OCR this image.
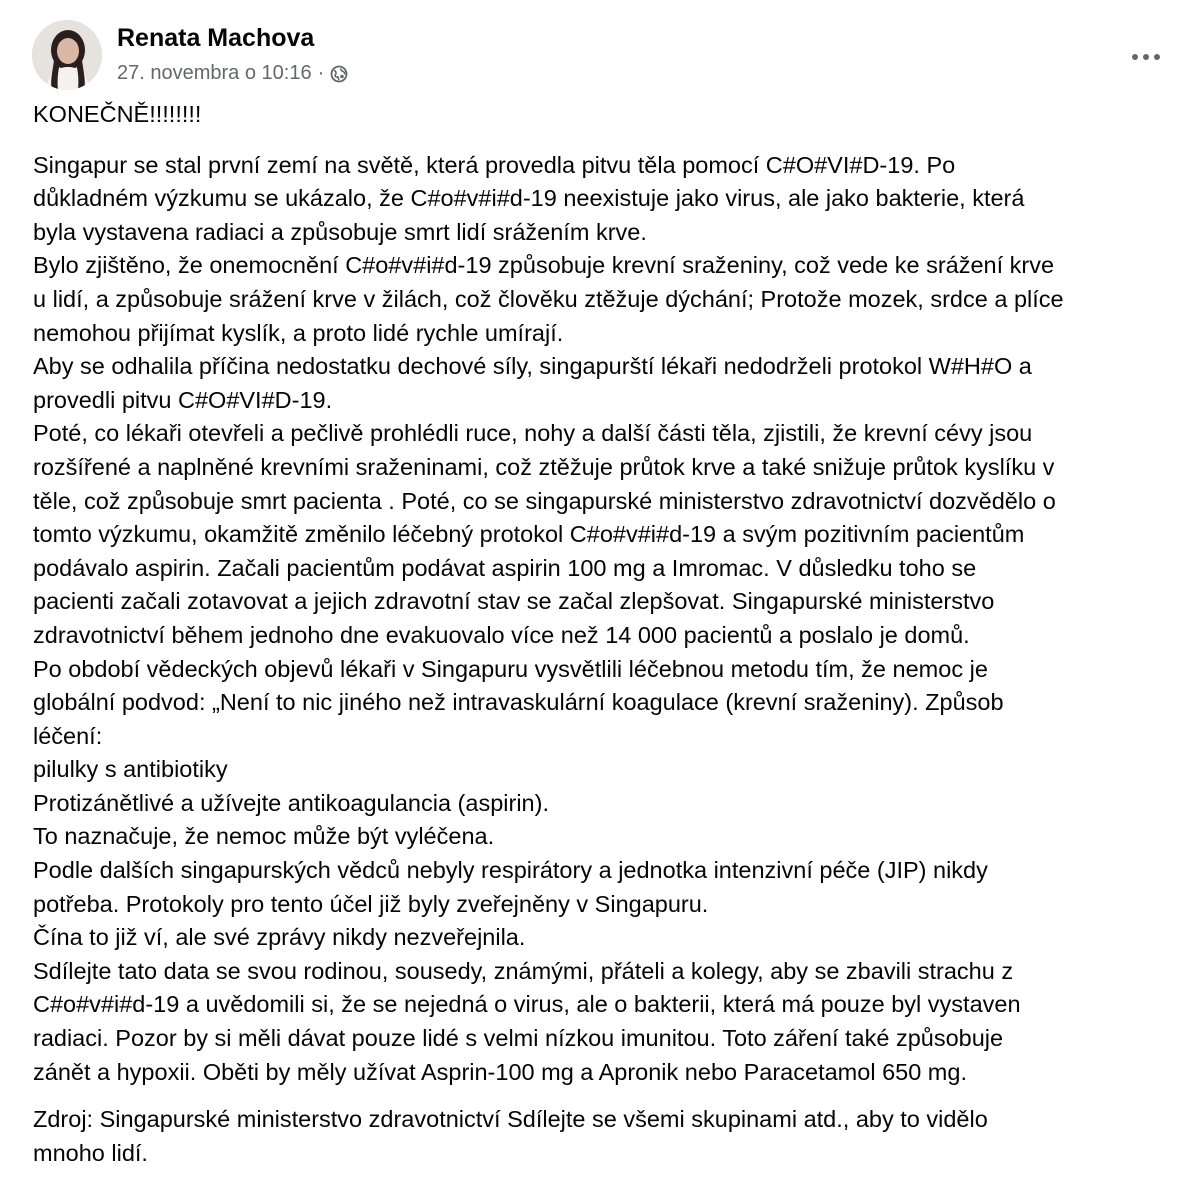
Renata Machova
27. novembra o 10:16 ·

KONEČNĚ!!!!!!!!

Singapur se stal první zemí na světě, která provedla pitvu těla pomocí C#O#VI#D-19. Po
důkladném výzkumu se ukázalo, že C#o#v#i#d-19 neexistuje jako virus, ale jako bakterie, která
byla vystavena radiaci a způsobuje smrt lidí srážením krve.
Bylo zjištěno, že onemocnění C#o#v#i#d-19 způsobuje krevní sraženiny, což vede ke srážení krve
u lidí, a způsobuje srážení krve v žilách, což člověku ztěžuje dýchání; Protože mozek, srdce a plíce
nemohou přijímat kyslík, a proto lidé rychle umírají.
Aby se odhalila příčina nedostatku dechové síly, singapurští lékaři nedodrželi protokol W#H#O a
provedli pitvu C#O#VI#D-19.
Poté, co lékaři otevřeli a pečlivě prohlédli ruce, nohy a další části těla, zjistili, že krevní cévy jsou
rozšířené a naplněné krevními sraženinami, což ztěžuje průtok krve a také snižuje průtok kyslíku v
těle, což způsobuje smrt pacienta . Poté, co se singapurské ministerstvo zdravotnictví dozvědělo o
tomto výzkumu, okamžitě změnilo léčebný protokol C#o#v#i#d-19 a svým pozitivním pacientům
podávalo aspirin. Začali pacientům podávat aspirin 100 mg a Imromac. V důsledku toho se
pacienti začali zotavovat a jejich zdravotní stav se začal zlepšovat. Singapurské ministerstvo
zdravotnictví během jednoho dne evakuovalo více než 14 000 pacientů a poslalo je domů.
Po období vědeckých objevů lékaři v Singapuru vysvětlili léčebnou metodu tím, že nemoc je
globální podvod: „Není to nic jiného než intravaskulární koagulace (krevní sraženiny). Způsob
léčení:
pilulky s antibiotiky
Protizánětlivé a užívejte antikoagulancia (aspirin).
To naznačuje, že nemoc může být vyléčena.
Podle dalších singapurských vědců nebyly respirátory a jednotka intenzivní péče (JIP) nikdy
potřeba. Protokoly pro tento účel již byly zveřejněny v Singapuru.
Čína to již ví, ale své zprávy nikdy nezveřejnila.
Sdílejte tato data se svou rodinou, sousedy, známými, přáteli a kolegy, aby se zbavili strachu z
C#o#v#i#d-19 a uvědomili si, že se nejedná o virus, ale o bakterii, která má pouze byl vystaven
radiaci. Pozor by si měli dávat pouze lidé s velmi nízkou imunitou. Toto záření také způsobuje
zánět a hypoxii. Oběti by měly užívat Asprin-100 mg a Apronik nebo Paracetamol 650 mg.
Zdroj: Singapurské ministerstvo zdravotnictví Sdílejte se všemi skupinami atd., aby to vidělo
mnoho lidí.
